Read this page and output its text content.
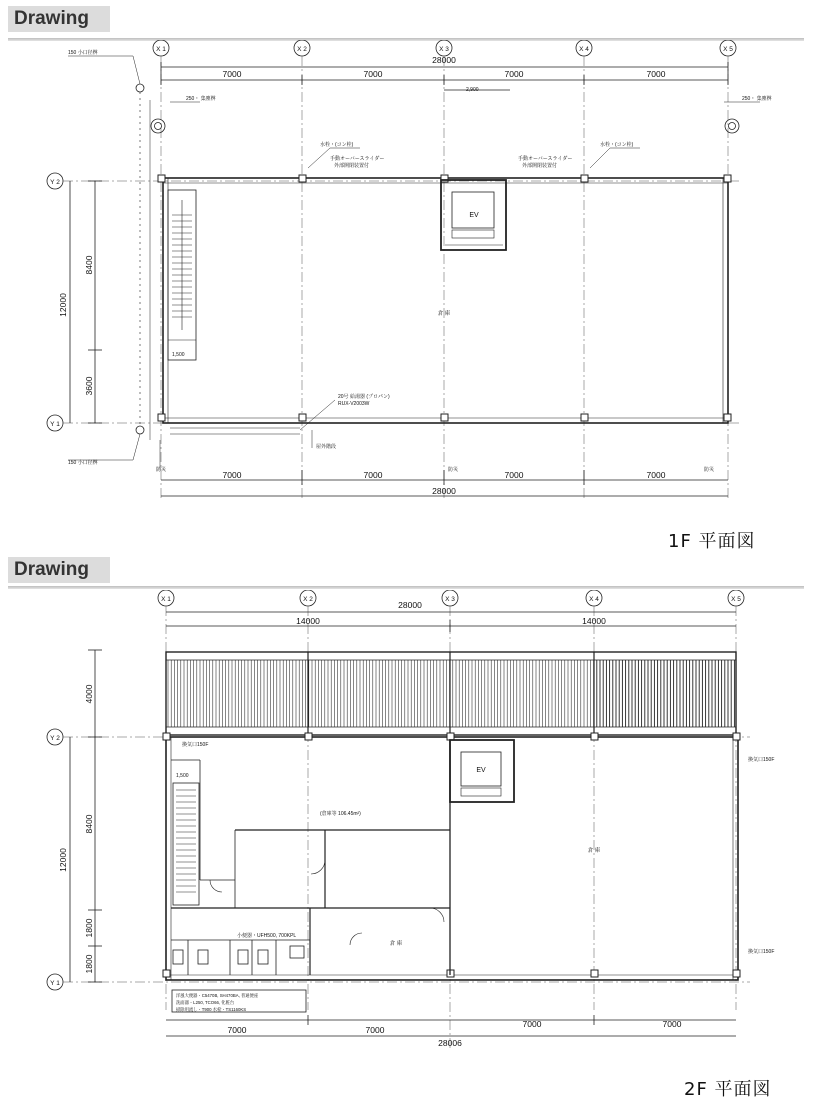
Drawing
X 1	X 2	X 3	X 4	X 5
Y 2
Y 1
28000
7000	7000	7000	7000
7000	7000	7000	7000
28000
12000
8400
3600
1,500
2,900
150 小口径桝
150 小口径桝
250・ 集塵桝	250・ 集塵桝
水栓・(コン栓)	水栓・(コン栓)
手動オーバースライダー
外部開閉装置付
手動オーバースライダー
外部開閉装置付
20号 給湯器 (プロパン)
RUX-V2003W
屋外階段
防災	防災	防災
EV
倉 庫
1F 平面図
Drawing
X 1	X 2	X 3	X 4	X 5
Y 2
Y 1
28000
14000	14000
7000	7000
7000	7000
28006
4000
12000
8400
1800
1800
1,500
換気口150F
換気口150F
換気口150F
(倉庫等 106.45m²)
小便器・UFH500, 700KPL
洋風大便器・C5470B, SH470BA, 普通便座
洗面器・L250, TCO66, 化粧台
掃除用流し・T900 水栓・TS1160KS
EV
倉 庫
倉 庫
2F 平面図
